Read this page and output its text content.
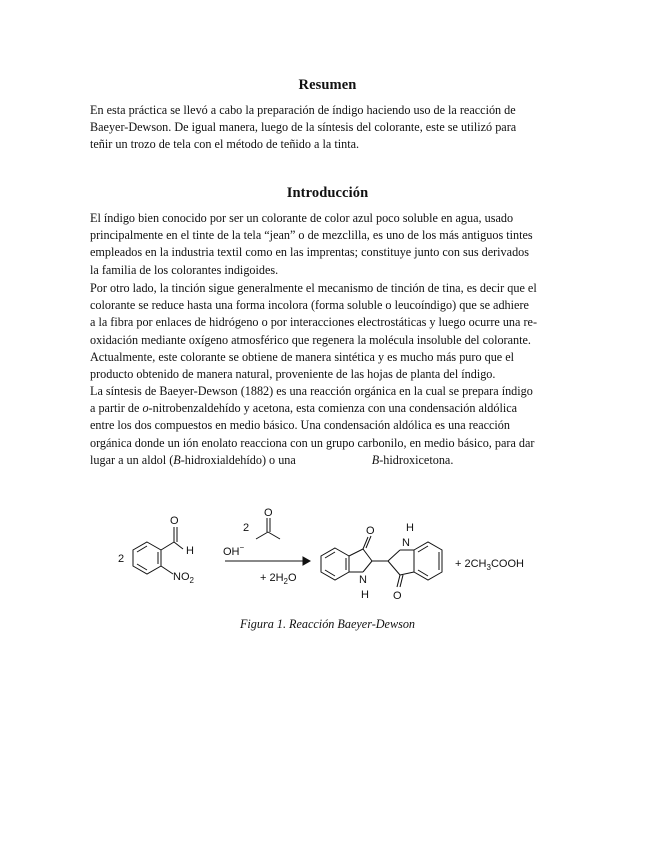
Resumen

En esta práctica se llevó a cabo la preparación de índigo haciendo uso de la reacción de
Baeyer-Dewson. De igual manera, luego de la síntesis del colorante, este se utilizó para
teñir un trozo de tela con el método de teñido a la tinta.

Introducción

El índigo bien conocido por ser un colorante de color azul poco soluble en agua, usado
principalmente en el tinte de la tela “jean” o de mezclilla, es uno de los más antiguos tintes
empleados en la industria textil como en las imprentas; constituye junto con sus derivados
la familia de los colorantes indigoides.

Por otro lado, la tinción sigue generalmente el mecanismo de tinción de tina, es decir que el
colorante se reduce hasta una forma incolora (forma soluble o leucoíndigo) que se adhiere
a la fibra por enlaces de hidrógeno o por interacciones electrostáticas y luego ocurre una re-
oxidación mediante oxígeno atmosférico que regenera la molécula insoluble del colorante.
Actualmente, este colorante se obtiene de manera sintética y es mucho más puro que el
producto obtenido de manera natural, proveniente de las hojas de planta del índigo.

La síntesis de Baeyer-Dewson (1882) es una reacción orgánica en la cual se prepara índigo
a partir de o-nitrobenzaldehído y acetona, esta comienza con una condensación aldólica
entre los dos compuestos en medio básico. Una condensación aldólica es una reacción
orgánica donde un ión enolato reacciona con un grupo carbonilo, en medio básico, para dar
lugar a un aldol (B-hidroxialdehído) o una	B-hidroxicetona.

2
O
H
$NO_2$
OH−
2
O
+ $2H_2O$
O
N
H
N
H
O
+ $2CH_3COOH$

Figura 1. Reacción Baeyer-Dewson
